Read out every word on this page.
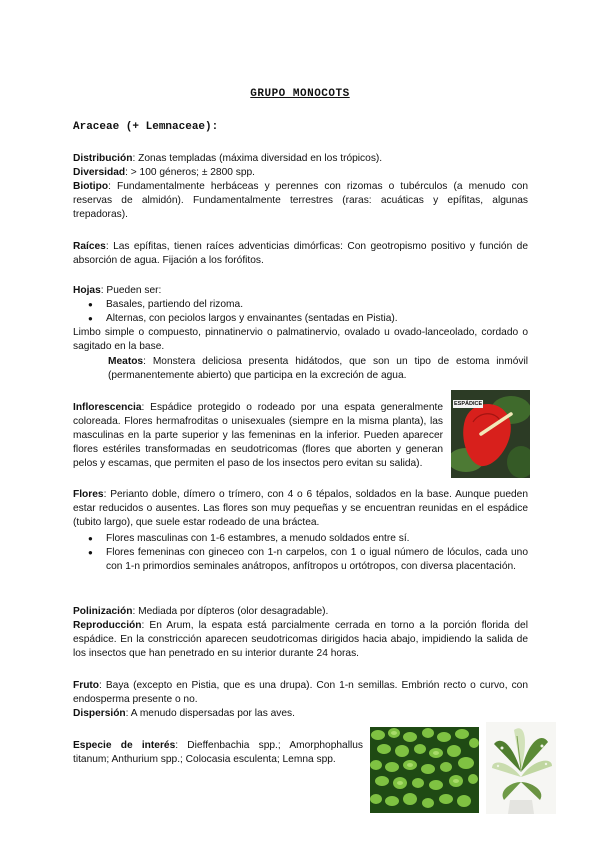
GRUPO MONOCOTS
Araceae (+ Lemnaceae):
Distribución: Zonas templadas (máxima diversidad en los trópicos).
Diversidad: > 100 géneros; ± 2800 spp.
Biotipo: Fundamentalmente herbáceas y perennes con rizomas o tubérculos (a menudo con reservas de almidón). Fundamentalmente terrestres (raras: acuáticas y epífitas, algunas trepadoras).
Raíces: Las epífitas, tienen raíces adventicias dimórficas: Con geotropismo positivo y función de absorción de agua. Fijación a los forófitos.
Hojas: Pueden ser:
● Basales, partiendo del rizoma.
● Alternas, con peciolos largos y envainantes (sentadas en Pistia).
Limbo simple o compuesto, pinnatinervio o palmatinervio, ovalado u ovado-lanceolado, cordado o sagitado en la base.
Meatos: Monstera deliciosa presenta hidátodos, que son un tipo de estoma inmóvil (permanentemente abierto) que participa en la excreción de agua.
Inflorescencia: Espádice protegido o rodeado por una espata generalmente coloreada. Flores hermafroditas o unisexuales (siempre en la misma planta), las masculinas en la parte superior y las femeninas en la inferior. Pueden aparecer flores estériles transformadas en seudotricomas (flores que aborten y generan pelos y escamas, que permiten el paso de los insectos pero evitan su salida).
ESPÁDICE
Flores: Perianto doble, dímero o trímero, con 4 o 6 tépalos, soldados en la base. Aunque pueden estar reducidos o ausentes. Las flores son muy pequeñas y se encuentran reunidas en el espádice (tubito largo), que suele estar rodeado de una bráctea.
● Flores masculinas con 1-6 estambres, a menudo soldados entre sí.
● Flores femeninas con gineceo con 1-n carpelos, con 1 o igual número de lóculos, cada uno con 1-n primordios seminales anátropos, anfítropos u ortótropos, con diversa placentación.
Polinización: Mediada por dípteros (olor desagradable).
Reproducción: En Arum, la espata está parcialmente cerrada en torno a la porción florida del espádice. En la constricción aparecen seudotricomas dirigidos hacia abajo, impidiendo la salida de los insectos que han penetrado en su interior durante 24 horas.
Fruto: Baya (excepto en Pistia, que es una drupa). Con 1-n semillas. Embrión recto o curvo, con endosperma presente o no.
Dispersión: A menudo dispersadas por las aves.
Especie de interés: Dieffenbachia spp.; Amorphophallus titanum; Anthurium spp.; Colocasia esculenta; Lemna spp.
